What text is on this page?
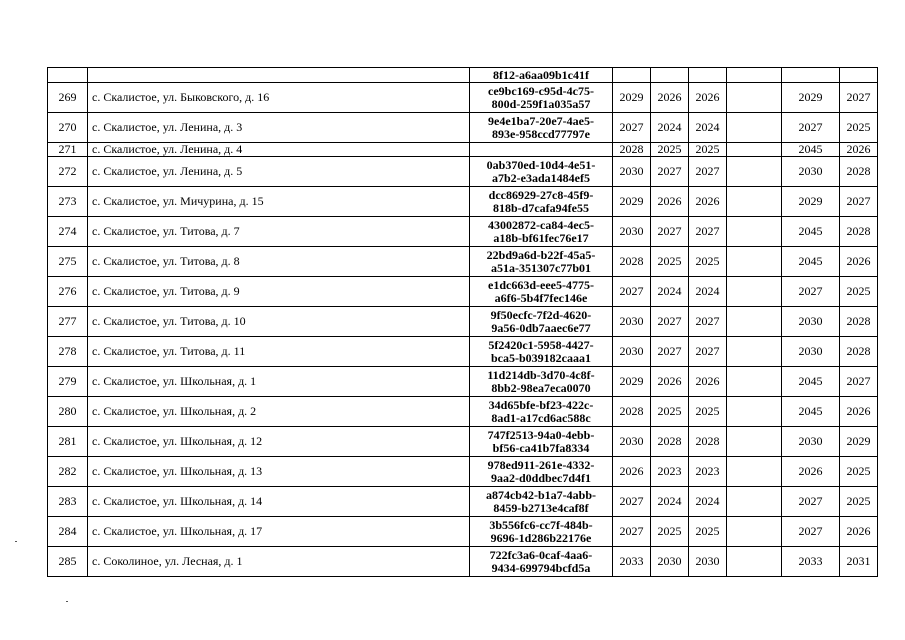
		8f12-a6aa09b1c41f						

269	с. Скалистое, ул. Быковского, д. 16	ce9bc169-c95d-4c75-
800d-259f1a035a57	2029	2026	2026		2029	2027
270	с. Скалистое, ул. Ленина, д. 3	9e4e1ba7-20e7-4ae5-
893e-958ccd77797e	2027	2024	2024		2027	2025
271	с. Скалистое, ул. Ленина, д. 4		2028	2025	2025		2045	2026
272	с. Скалистое, ул. Ленина, д. 5	0ab370ed-10d4-4e51-
a7b2-e3ada1484ef5	2030	2027	2027		2030	2028
273	с. Скалистое, ул. Мичурина, д. 15	dcc86929-27c8-45f9-
818b-d7cafa94fe55	2029	2026	2026		2029	2027
274	с. Скалистое, ул. Титова, д. 7	43002872-ca84-4ec5-
a18b-bf61fec76e17	2030	2027	2027		2045	2028
275	с. Скалистое, ул. Титова, д. 8	22bd9a6d-b22f-45a5-
a51a-351307c77b01	2028	2025	2025		2045	2026
276	с. Скалистое, ул. Титова, д. 9	e1dc663d-eee5-4775-
a6f6-5b4f7fec146e	2027	2024	2024		2027	2025
277	с. Скалистое, ул. Титова, д. 10	9f50ecfc-7f2d-4620-
9a56-0db7aaec6e77	2030	2027	2027		2030	2028
278	с. Скалистое, ул. Титова, д. 11	5f2420c1-5958-4427-
bca5-b039182caaa1	2030	2027	2027		2030	2028
279	с. Скалистое, ул. Школьная, д. 1	11d214db-3d70-4c8f-
8bb2-98ea7eca0070	2029	2026	2026		2045	2027
280	с. Скалистое, ул. Школьная, д. 2	34d65bfe-bf23-422c-
8ad1-a17cd6ac588c	2028	2025	2025		2045	2026
281	с. Скалистое, ул. Школьная, д. 12	747f2513-94a0-4ebb-
bf56-ca41b7fa8334	2030	2028	2028		2030	2029
282	с. Скалистое, ул. Школьная, д. 13	978ed911-261e-4332-
9aa2-d0ddbec7d4f1	2026	2023	2023		2026	2025
283	с. Скалистое, ул. Школьная, д. 14	a874cb42-b1a7-4abb-
8459-b2713e4caf8f	2027	2024	2024		2027	2025
284	с. Скалистое, ул. Школьная, д. 17	3b556fc6-cc7f-484b-
9696-1d286b22176e	2027	2025	2025		2027	2026
285	с. Соколиное, ул. Лесная, д. 1	722fc3a6-0caf-4aa6-
9434-699794bcfd5a	2033	2030	2030		2033	2031
